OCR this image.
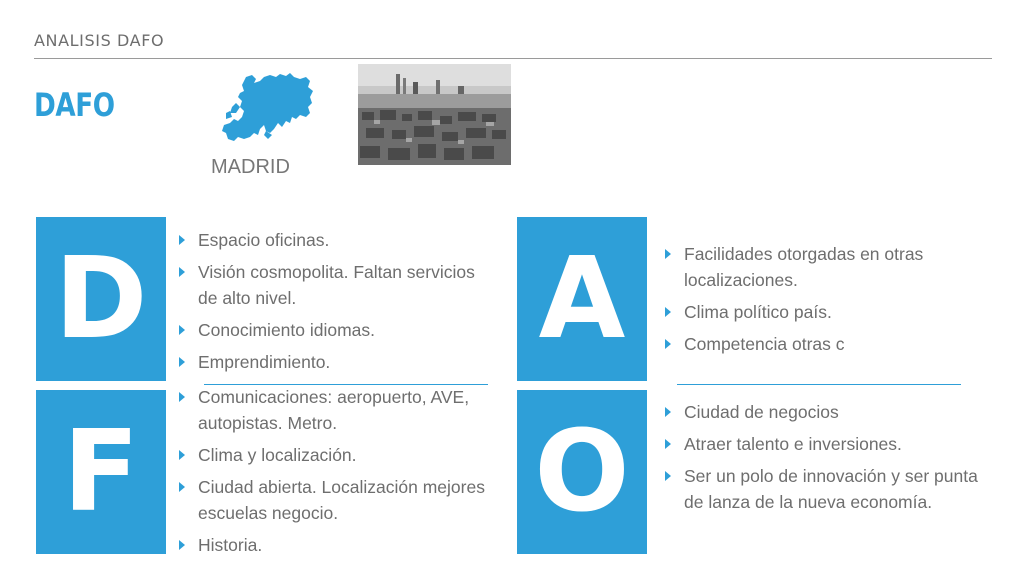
ANALISIS DAFO
DAFO
MADRID
D
F
A
O
Espacio oficinas.
Visión cosmopolita. Faltan servicios de alto nivel.
Conocimiento idiomas.
Emprendimiento.
Comunicaciones: aeropuerto, AVE, autopistas. Metro.
Clima y localización.
Ciudad abierta. Localización mejores escuelas negocio.
Historia.
Facilidades otorgadas en otras localizaciones.
Clima político país.
Competencia otras c
Ciudad de negocios
Atraer talento e inversiones.
Ser un polo de innovación y ser punta de lanza de la nueva economía.
